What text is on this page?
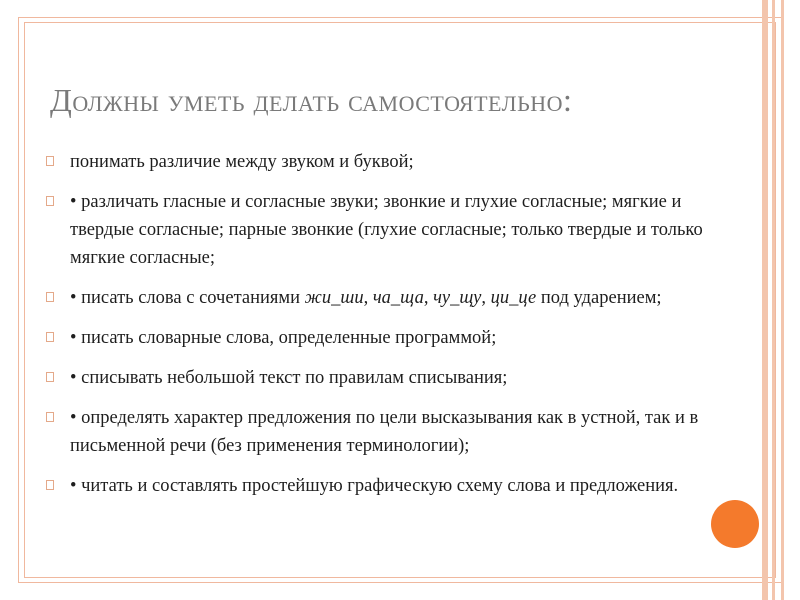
Должны уметь делать самостоятельно:
понимать различие между звуком и буквой;
• различать гласные и согласные звуки; звонкие и глухие согласные; мягкие и твердые согласные; парные звонкие (глухие согласные; только твердые и только мягкие согласные;
• писать слова с сочетаниями жи_ши, ча_ща, чу_щу, ци_це под ударением;
• писать словарные слова, определенные программой;
• списывать небольшой текст по правилам списывания;
• определять характер предложения по цели высказывания как в устной, так и в письменной речи (без применения терминологии);
• читать и составлять простейшую графическую схему слова и предложения.
